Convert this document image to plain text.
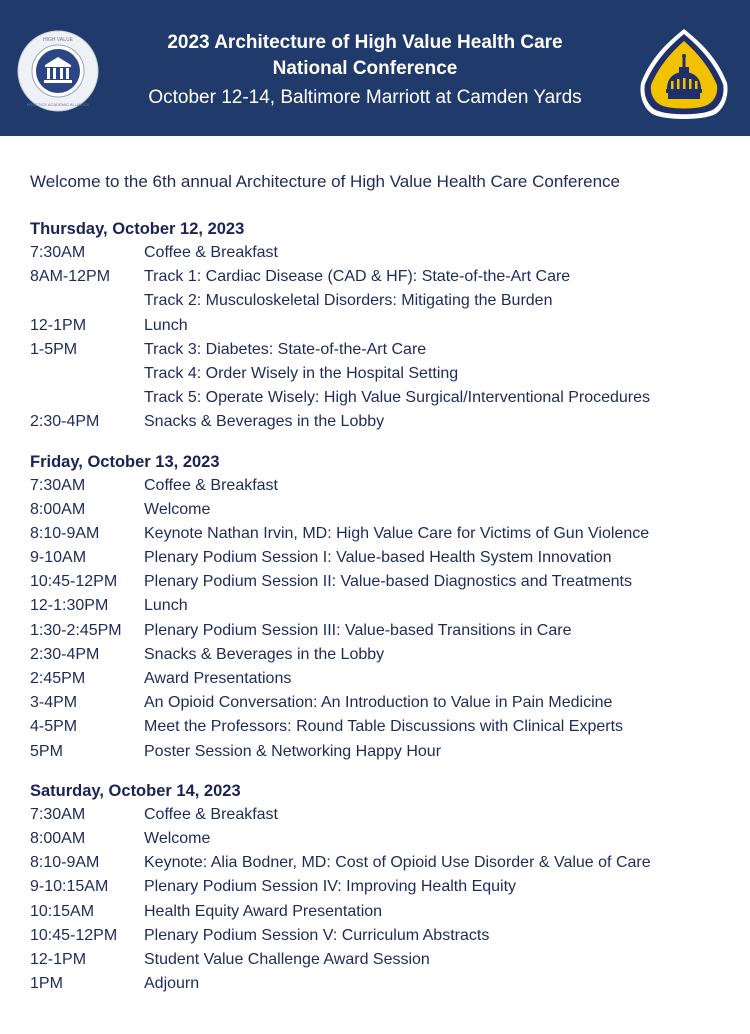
HIGH VALUE
PRACTICE ACADEMIC ALLIANCE
2023 Architecture of High Value Health Care
National Conference
October 12-14, Baltimore Marriott at Camden Yards
Welcome to the 6th annual Architecture of High Value Health Care Conference
Thursday, October 12, 2023
7:30AM	Coffee & Breakfast
8AM-12PM	Track 1: Cardiac Disease (CAD & HF): State-of-the-Art Care
Track 2: Musculoskeletal Disorders: Mitigating the Burden
12-1PM	Lunch
1-5PM	Track 3: Diabetes: State-of-the-Art Care
Track 4: Order Wisely in the Hospital Setting
Track 5: Operate Wisely: High Value Surgical/Interventional Procedures
2:30-4PM	Snacks & Beverages in the Lobby
Friday, October 13, 2023
7:30AM	Coffee & Breakfast
8:00AM	Welcome
8:10-9AM	Keynote Nathan Irvin, MD: High Value Care for Victims of Gun Violence
9-10AM	Plenary Podium Session I: Value-based Health System Innovation
10:45-12PM	Plenary Podium Session II: Value-based Diagnostics and Treatments
12-1:30PM	Lunch
1:30-2:45PM	Plenary Podium Session III: Value-based Transitions in Care
2:30-4PM	Snacks & Beverages in the Lobby
2:45PM	Award Presentations
3-4PM	An Opioid Conversation: An Introduction to Value in Pain Medicine
4-5PM	Meet the Professors: Round Table Discussions with Clinical Experts
5PM	Poster Session & Networking Happy Hour
Saturday, October 14, 2023
7:30AM	Coffee & Breakfast
8:00AM	Welcome
8:10-9AM	Keynote: Alia Bodner, MD: Cost of Opioid Use Disorder & Value of Care
9-10:15AM	Plenary Podium Session IV: Improving Health Equity
10:15AM	Health Equity Award Presentation
10:45-12PM	Plenary Podium Session V: Curriculum Abstracts
12-1PM	Student Value Challenge Award Session
1PM	Adjourn
